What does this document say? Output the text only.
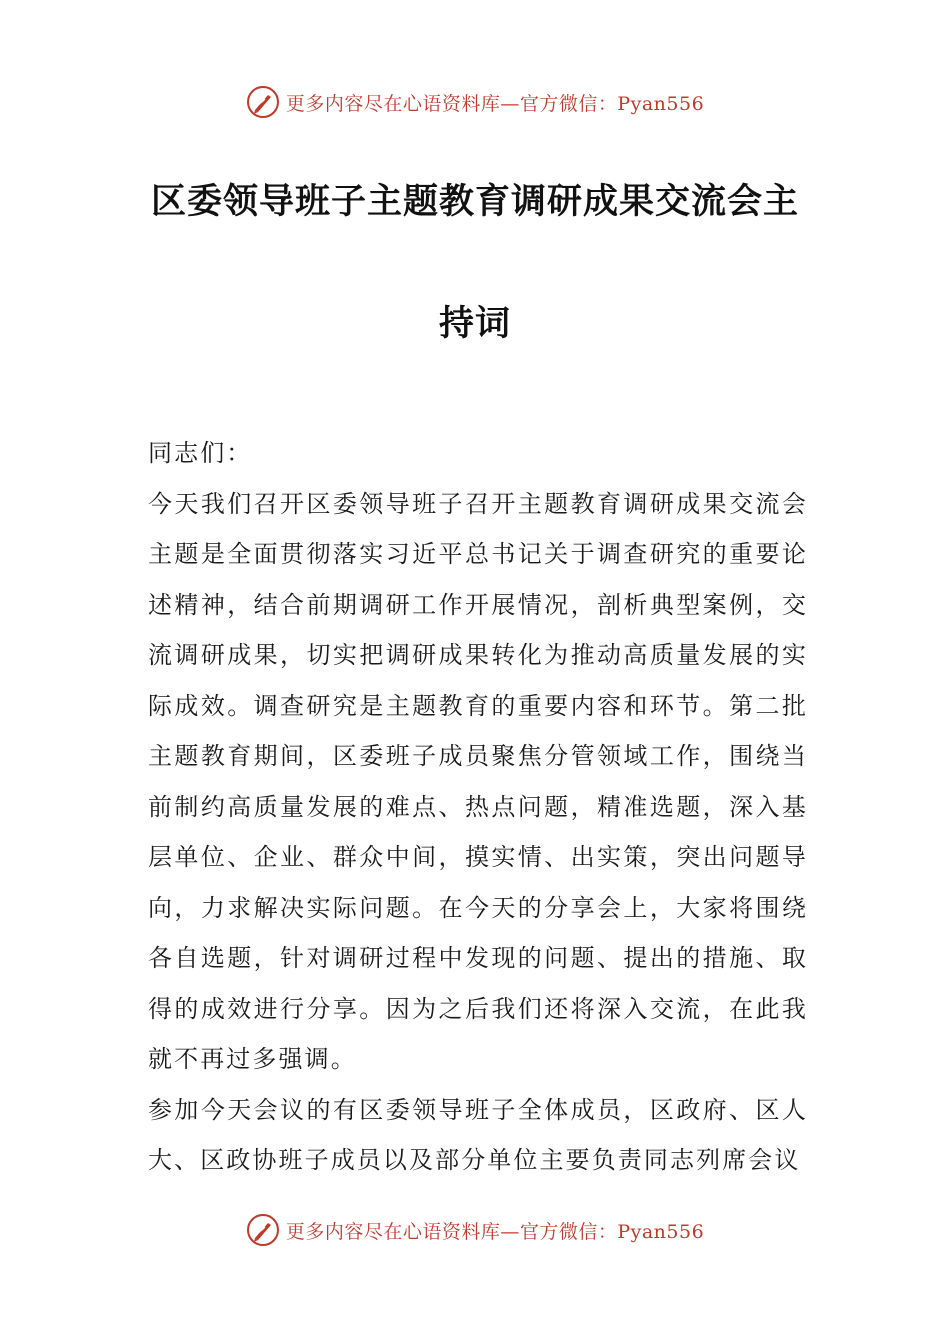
更多内容尽在心语资料库—官方微信：Pyan556
区委领导班子主题教育调研成果交流会主
持词

同志们：

今天我们召开区委领导班子召开主题教育调研成果交流会主题是全面贯彻落实习近平总书记关于调查研究的重要论述精神，结合前期调研工作开展情况，剖析典型案例，交流调研成果，切实把调研成果转化为推动高质量发展的实际成效。调查研究是主题教育的重要内容和环节。第二批主题教育期间，区委班子成员聚焦分管领域工作，围绕当前制约高质量发展的难点、热点问题，精准选题，深入基层单位、企业、群众中间，摸实情、出实策，突出问题导向，力求解决实际问题。在今天的分享会上，大家将围绕各自选题，针对调研过程中发现的问题、提出的措施、取得的成效进行分享。因为之后我们还将深入交流，在此我就不再过多强调。

参加今天会议的有区委领导班子全体成员，区政府、区人大、区政协班子成员以及部分单位主要负责同志列席会议

更多内容尽在心语资料库—官方微信：Pyan556
